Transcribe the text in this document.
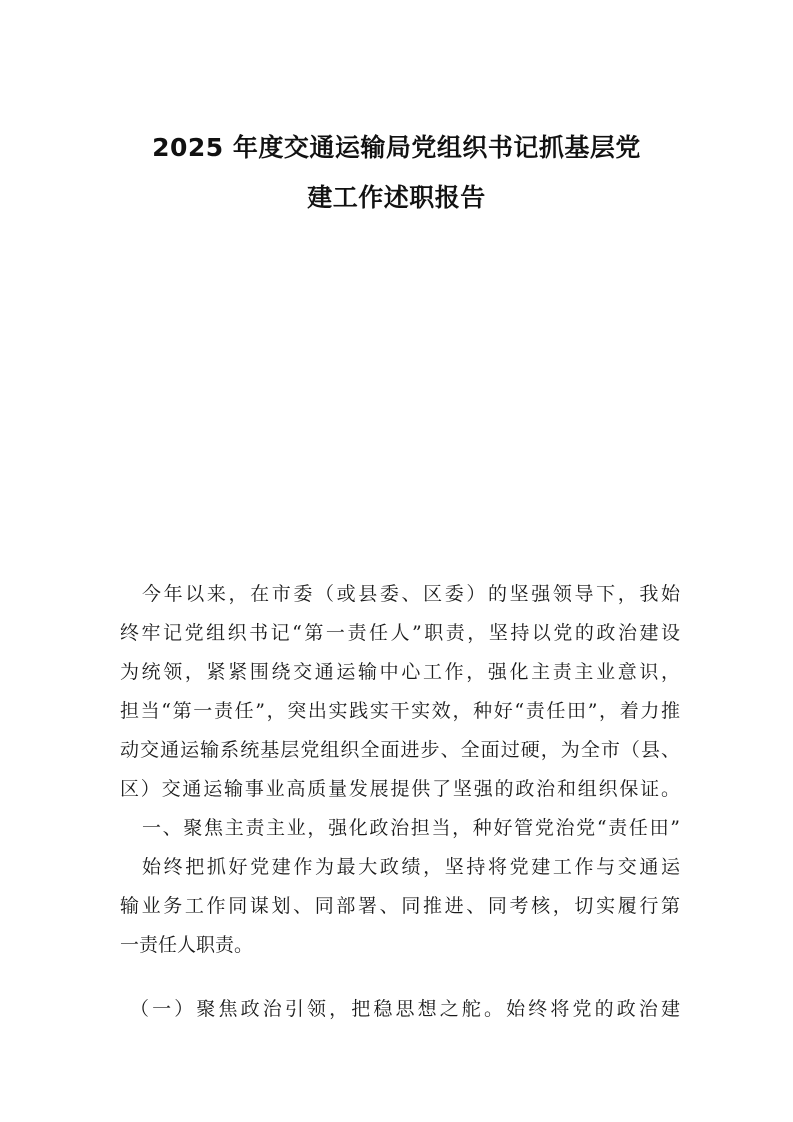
2025 年度交通运输局党组织书记抓基层党
建工作述职报告

今年以来，在市委（或县委、区委）的坚强领导下，我始

终牢记党组织书记“第一责任人”职责，坚持以党的政治建设

为统领，紧紧围绕交通运输中心工作，强化主责主业意识，

担当“第一责任”，突出实践实干实效，种好“责任田”，着力推

动交通运输系统基层党组织全面进步、全面过硬，为全市（县、

区）交通运输事业高质量发展提供了坚强的政治和组织保证。

一、聚焦主责主业，强化政治担当，种好管党治党“责任田”

始终把抓好党建作为最大政绩，坚持将党建工作与交通运

输业务工作同谋划、同部署、同推进、同考核，切实履行第

一责任人职责。

（一）聚焦政治引领，把稳思想之舵。始终将党的政治建
